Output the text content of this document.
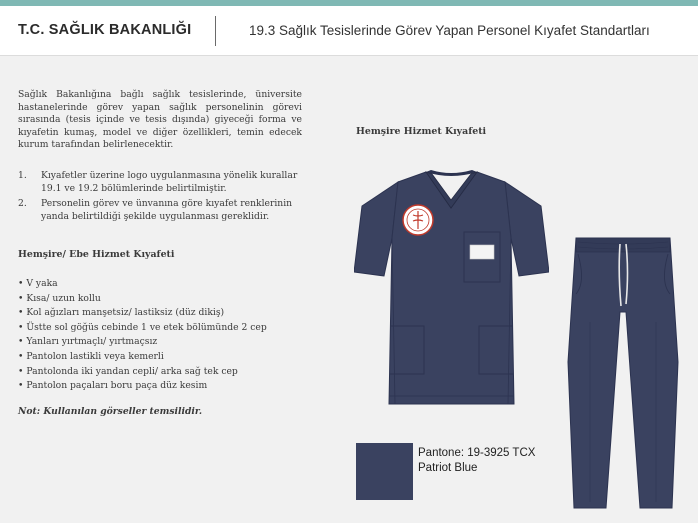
T.C. SAĞLIK BAKANLIĞI	19.3 Sağlık Tesislerinde Görev Yapan Personel Kıyafet Standartları

Sağlık Bakanlığına bağlı sağlık tesislerinde, üniversite hastanelerinde görev yapan sağlık personelinin görevi sırasında (tesis içinde ve tesis dışında) giyeceği forma ve kıyafetin kumaş, model ve diğer özellikleri, temin edecek kurum tarafından belirlenecektir.

1. Kıyafetler üzerine logo uygulanmasına yönelik kurallar 19.1 ve 19.2 bölümlerinde belirtilmiştir.
2. Personelin görev ve ünvanına göre kıyafet renklerinin yanda belirtildiği şekilde uygulanması gereklidir.
Hemşire/ Ebe Hizmet Kıyafeti
• V yaka
• Kısa/ uzun kollu
• Kol ağızları manşetsiz/ lastiksiz (düz dikiş)
• Üstte sol göğüs cebinde 1 ve etek bölümünde 2 cep
• Yanları yırtmaçlı/ yırtmaçsız
• Pantolon lastikli veya kemerli
• Pantolonda iki yandan cepli/ arka sağ tek cep
• Pantolon paçaları boru paça düz kesim
Not: Kullanılan görseller temsilidir.
Hemşire Hizmet Kıyafeti
Pantone: 19-3925 TCX
Patriot Blue
